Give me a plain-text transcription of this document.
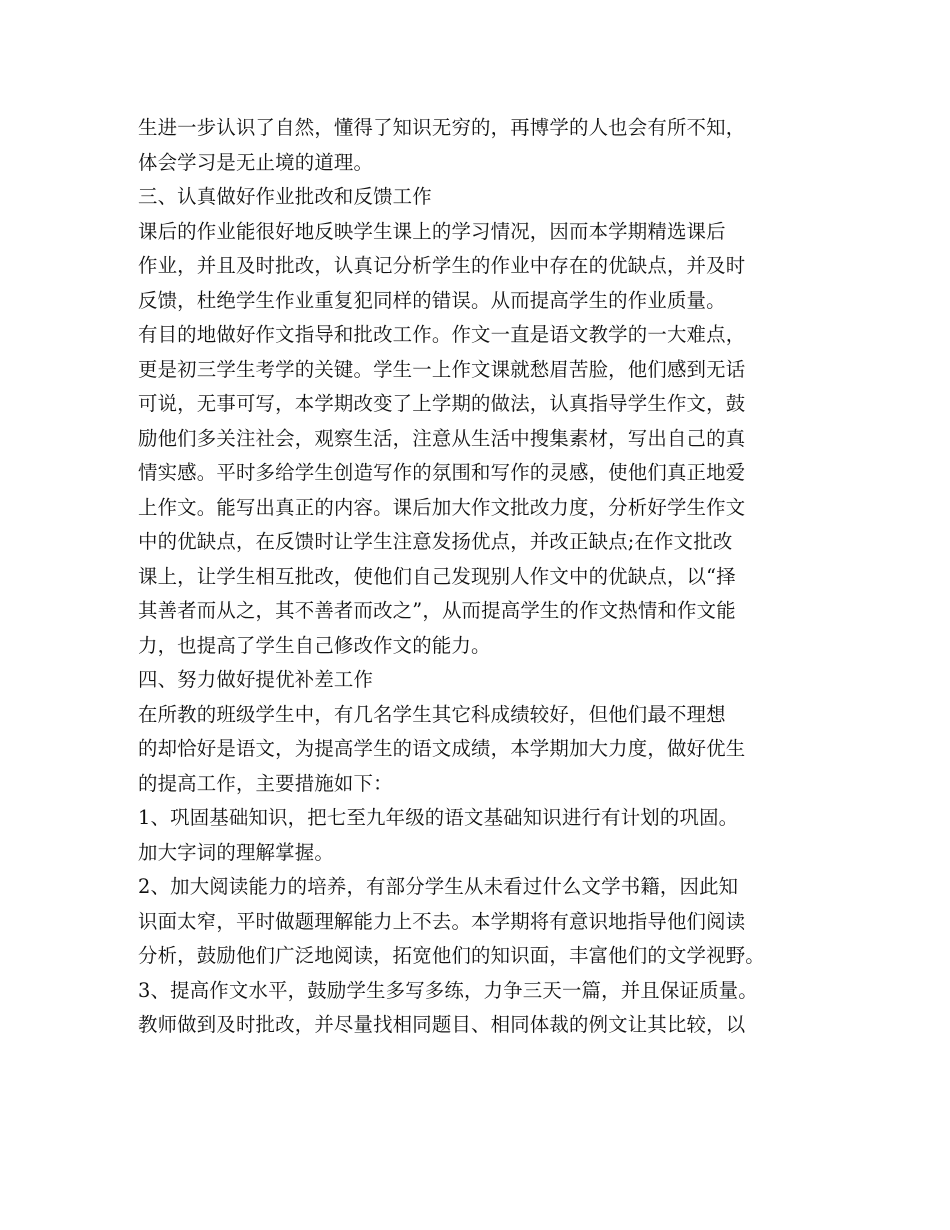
生进一步认识了自然，懂得了知识无穷的，再博学的人也会有所不知，
体会学习是无止境的道理。
三、认真做好作业批改和反馈工作
课后的作业能很好地反映学生课上的学习情况，因而本学期精选课后
作业，并且及时批改，认真记分析学生的作业中存在的优缺点，并及时
反馈，杜绝学生作业重复犯同样的错误。从而提高学生的作业质量。
有目的地做好作文指导和批改工作。作文一直是语文教学的一大难点，
更是初三学生考学的关键。学生一上作文课就愁眉苦脸，他们感到无话
可说，无事可写，本学期改变了上学期的做法，认真指导学生作文，鼓
励他们多关注社会，观察生活，注意从生活中搜集素材，写出自己的真
情实感。平时多给学生创造写作的氛围和写作的灵感，使他们真正地爱
上作文。能写出真正的内容。课后加大作文批改力度，分析好学生作文
中的优缺点，在反馈时让学生注意发扬优点，并改正缺点;在作文批改
课上，让学生相互批改，使他们自己发现别人作文中的优缺点，以“择
其善者而从之，其不善者而改之”，从而提高学生的作文热情和作文能
力，也提高了学生自己修改作文的能力。
四、努力做好提优补差工作
在所教的班级学生中，有几名学生其它科成绩较好，但他们最不理想
的却恰好是语文，为提高学生的语文成绩，本学期加大力度，做好优生
的提高工作，主要措施如下：
1、巩固基础知识，把七至九年级的语文基础知识进行有计划的巩固。
加大字词的理解掌握。
2、加大阅读能力的培养，有部分学生从未看过什么文学书籍，因此知
识面太窄，平时做题理解能力上不去。本学期将有意识地指导他们阅读
分析，鼓励他们广泛地阅读，拓宽他们的知识面，丰富他们的文学视野。
3、提高作文水平，鼓励学生多写多练，力争三天一篇，并且保证质量。
教师做到及时批改，并尽量找相同题目、相同体裁的例文让其比较，以
